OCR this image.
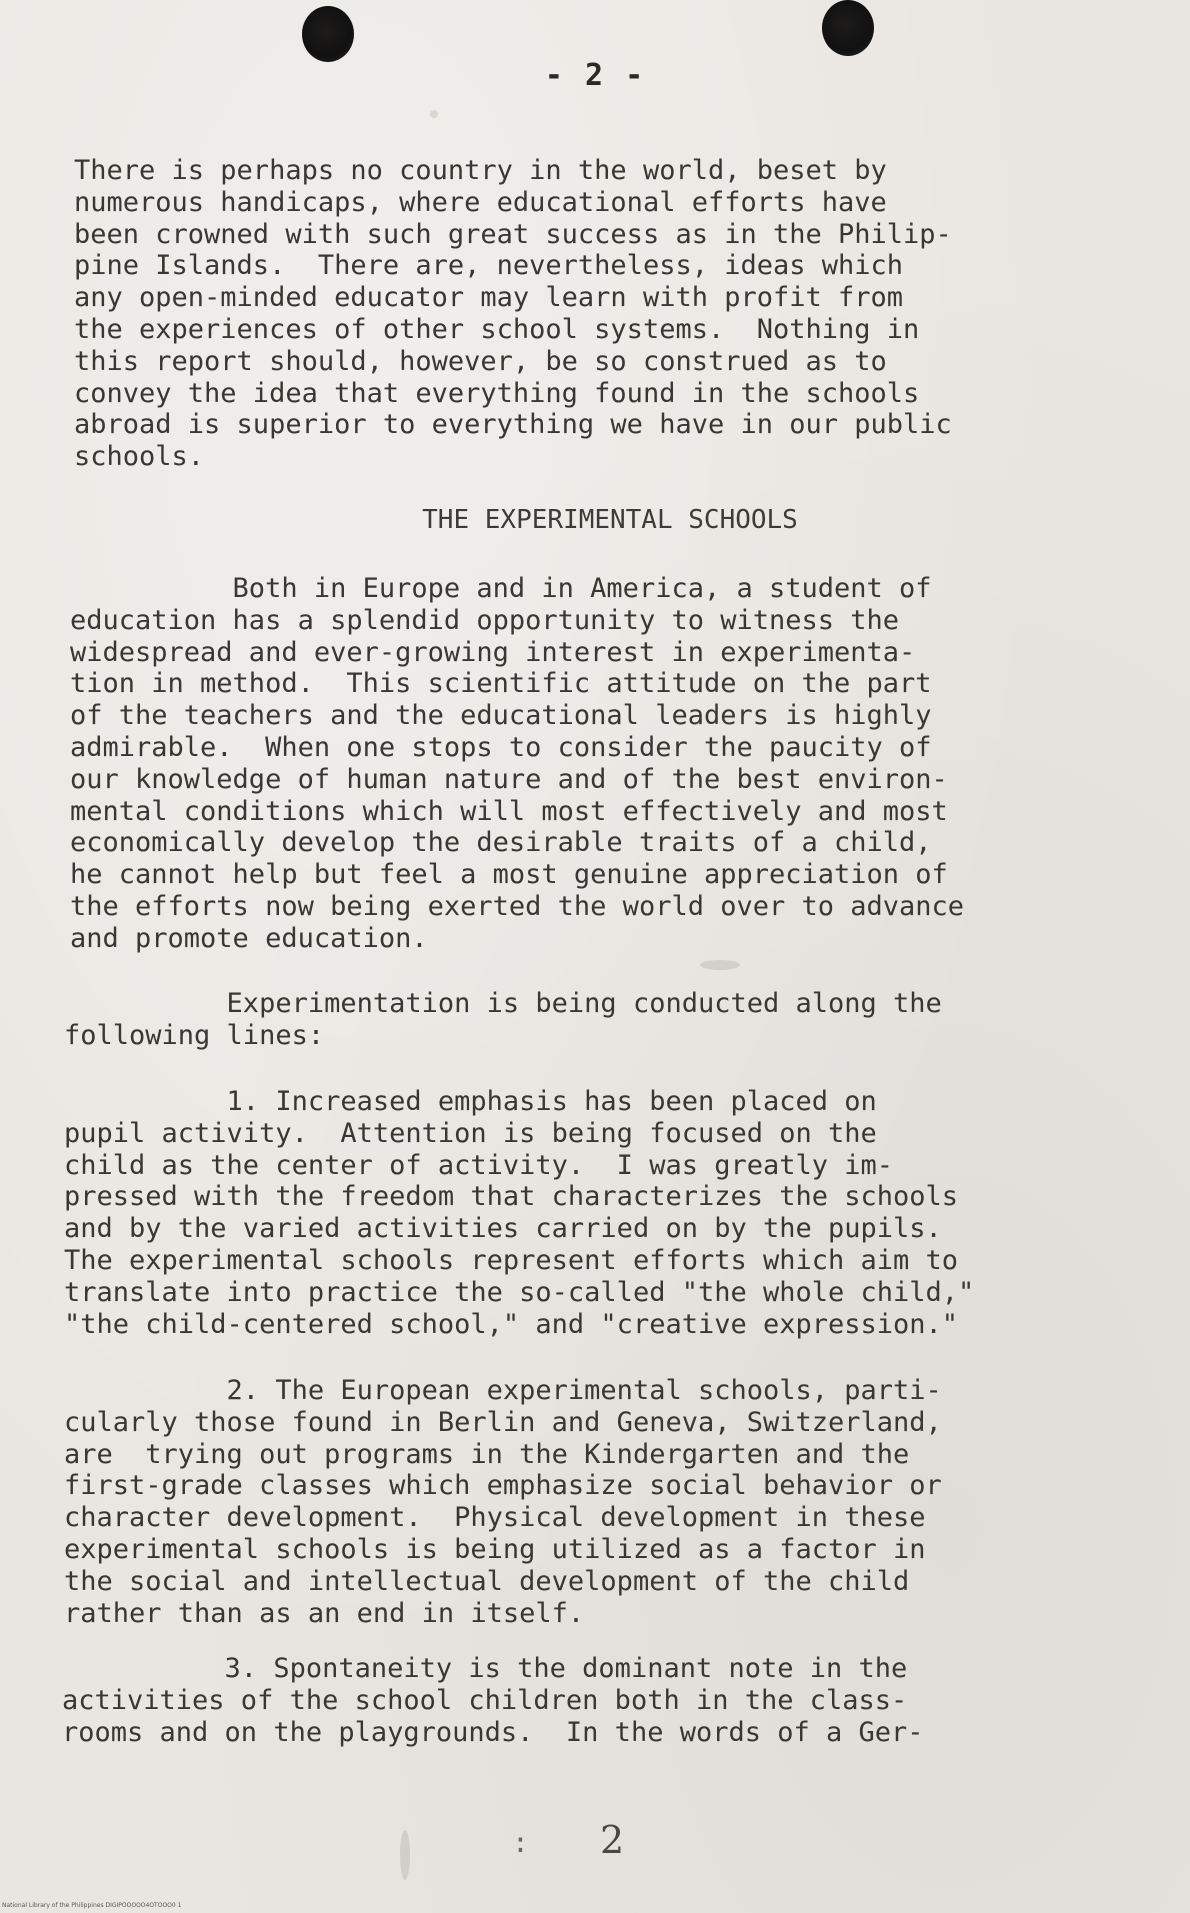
- 2 -
There is perhaps no country in the world, beset by
numerous handicaps, where educational efforts have
been crowned with such great success as in the Philip-
pine Islands.  There are, nevertheless, ideas which
any open-minded educator may learn with profit from
the experiences of other school systems.  Nothing in
this report should, however, be so construed as to
convey the idea that everything found in the schools
abroad is superior to everything we have in our public
schools.
THE EXPERIMENTAL SCHOOLS
Both in Europe and in America, a student of
education has a splendid opportunity to witness the
widespread and ever-growing interest in experimenta-
tion in method.  This scientific attitude on the part
of the teachers and the educational leaders is highly
admirable.  When one stops to consider the paucity of
our knowledge of human nature and of the best environ-
mental conditions which will most effectively and most
economically develop the desirable traits of a child,
he cannot help but feel a most genuine appreciation of
the efforts now being exerted the world over to advance
and promote education.
Experimentation is being conducted along the
following lines:
1. Increased emphasis has been placed on
pupil activity.  Attention is being focused on the
child as the center of activity.  I was greatly im-
pressed with the freedom that characterizes the schools
and by the varied activities carried on by the pupils.
The experimental schools represent efforts which aim to
translate into practice the so-called "the whole child,"
"the child-centered school," and "creative expression."
2. The European experimental schools, parti-
cularly those found in Berlin and Geneva, Switzerland,
are  trying out programs in the Kindergarten and the
first-grade classes which emphasize social behavior or
character development.  Physical development in these
experimental schools is being utilized as a factor in
the social and intellectual development of the child
rather than as an end in itself.
3. Spontaneity is the dominant note in the
activities of the school children both in the class-
rooms and on the playgrounds.  In the words of a Ger-
: 2
National Library of the Philippines DIGIPOOOOO4OTOOO0 1
